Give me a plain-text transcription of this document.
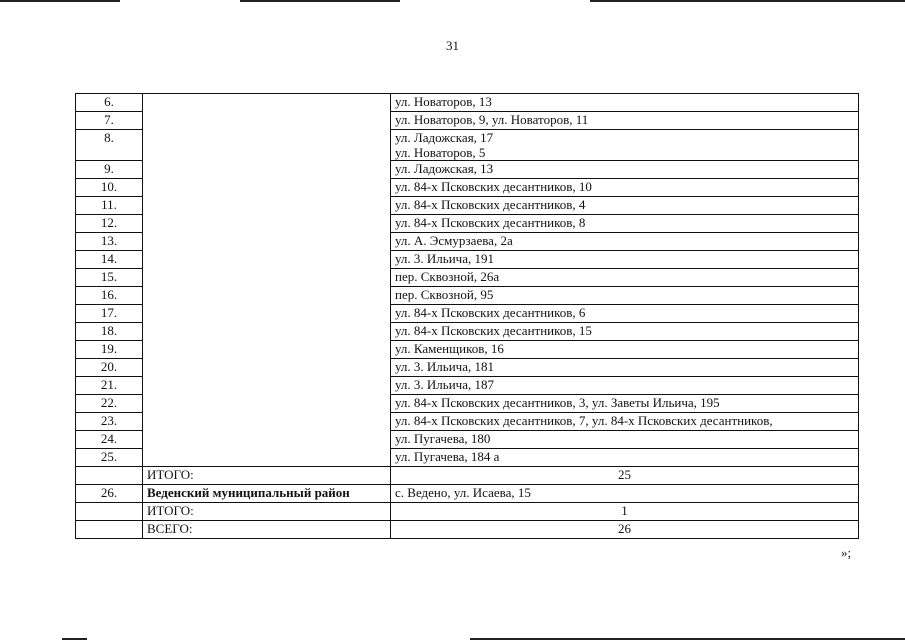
31
6.		ул. Новаторов, 13

7.		ул. Новаторов, 9, ул. Новаторов, 11

8.		ул. Ладожская, 17
ул. Новаторов, 5

9.		ул. Ладожская, 13

10.		ул. 84-х Псковских десантников, 10

11.		ул. 84-х Псковских десантников, 4

12.		ул. 84-х Псковских десантников, 8

13.		ул. А. Эсмурзаева, 2а

14.		ул. 3. Ильича, 191

15.		пер. Сквозной, 26а

16.		пер. Сквозной, 95

17.		ул. 84-х Псковских десантников, 6

18.		ул. 84-х Псковских десантников, 15

19.		ул. Каменщиков, 16

20.		ул. 3. Ильича, 181

21.		ул. 3. Ильича, 187

22.		ул. 84-х Псковских десантников, 3, ул. Заветы Ильича, 195

23.		ул. 84-х Псковских десантников, 7, ул. 84-х Псковских десантников,

24.		ул. Пугачева, 180

25.		ул. Пугачева, 184 а

	ИТОГО:	25
26.	Веденский муниципальный район	с. Ведено, ул. Исаева, 15
	ИТОГО:	1
	ВСЕГО:	26
»;
